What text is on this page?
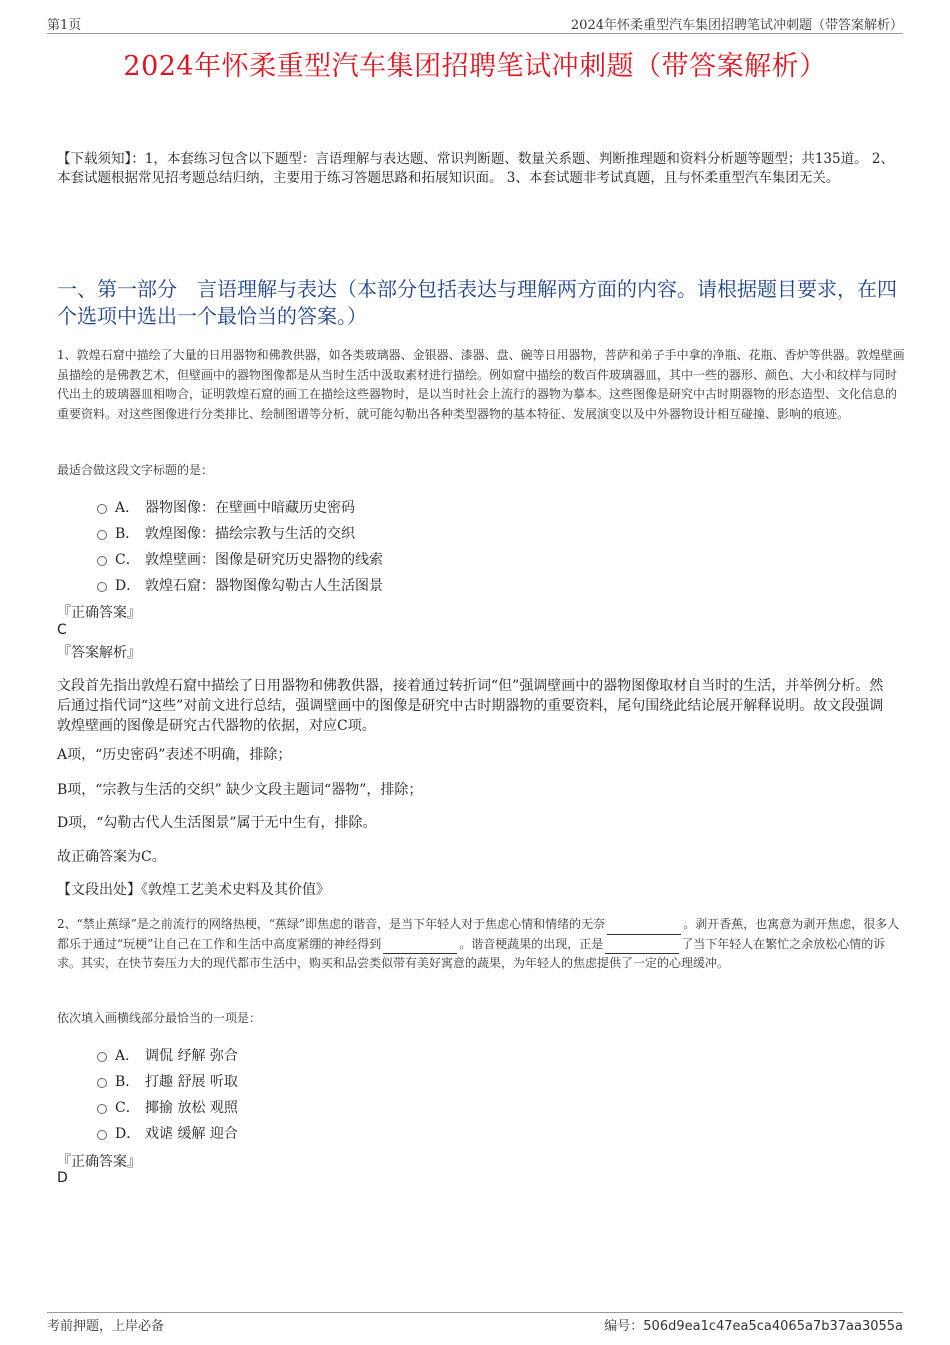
第1页	2024年怀柔重型汽车集团招聘笔试冲刺题（带答案解析）
2024年怀柔重型汽车集团招聘笔试冲刺题（带答案解析）
【下载须知】：1，本套练习包含以下题型：言语理解与表达题、常识判断题、数量关系题、判断推理题和资料分析题等题型；共135道。 2、本套试题根据常见招考题总结归纳，主要用于练习答题思路和拓展知识面。 3、本套试题非考试真题，且与怀柔重型汽车集团无关。
一、第一部分　言语理解与表达（本部分包括表达与理解两方面的内容。请根据题目要求，在四个选项中选出一个最恰当的答案。）
1、敦煌石窟中描绘了大量的日用器物和佛教供器，如各类玻璃器、金银器、漆器、盘、碗等日用器物，菩萨和弟子手中拿的净瓶、花瓶、香炉等供器。敦煌壁画虽描绘的是佛教艺术，但壁画中的器物图像都是从当时生活中汲取素材进行描绘。例如窟中描绘的数百件玻璃器皿，其中一些的器形、颜色、大小和纹样与同时代出土的玻璃器皿相吻合，证明敦煌石窟的画工在描绘这些器物时，是以当时社会上流行的器物为摹本。这些图像是研究中古时期器物的形态造型、文化信息的重要资料。对这些图像进行分类排比、绘制图谱等分析，就可能勾勒出各种类型器物的基本特征、发展演变以及中外器物设计相互碰撞、影响的痕迹。
最适合做这段文字标题的是：
A． 器物图像：在壁画中暗藏历史密码
B． 敦煌图像：描绘宗教与生活的交织
C． 敦煌壁画：图像是研究历史器物的线索
D． 敦煌石窟：器物图像勾勒古人生活图景
『正确答案』
C
『答案解析』
文段首先指出敦煌石窟中描绘了日用器物和佛教供器，接着通过转折词“但”强调壁画中的器物图像取材自当时的生活，并举例分析。然后通过指代词“这些”对前文进行总结，强调壁画中的图像是研究中古时期器物的重要资料，尾句围绕此结论展开解释说明。故文段强调敦煌壁画的图像是研究古代器物的依据，对应C项。
A项，“历史密码”表述不明确，排除；
B项，“宗教与生活的交织” 缺少文段主题词“器物”，排除；
D项，“勾勒古代人生活图景”属于无中生有，排除。
故正确答案为C。
【文段出处】《敦煌工艺美术史料及其价值》
2、“禁止蕉绿”是之前流行的网络热梗，“蕉绿”即焦虑的谐音，是当下年轻人对于焦虑心情和情绪的无奈	。剥开香蕉，也寓意为剥开焦虑，很多人都乐于通过“玩梗”让自己在工作和生活中高度紧绷的神经得到	。谐音梗蔬果的出现，正是	了当下年轻人在繁忙之余放松心情的诉求。其实，在快节奏压力大的现代都市生活中，购买和品尝类似带有美好寓意的蔬果，为年轻人的焦虑提供了一定的心理缓冲。
依次填入画横线部分最恰当的一项是：
A． 调侃 纾解 弥合
B． 打趣 舒展 听取
C． 揶揄 放松 观照
D． 戏谑 缓解 迎合
『正确答案』
D
考前押题，上岸必备	编号：506d9ea1c47ea5ca4065a7b37aa3055a
